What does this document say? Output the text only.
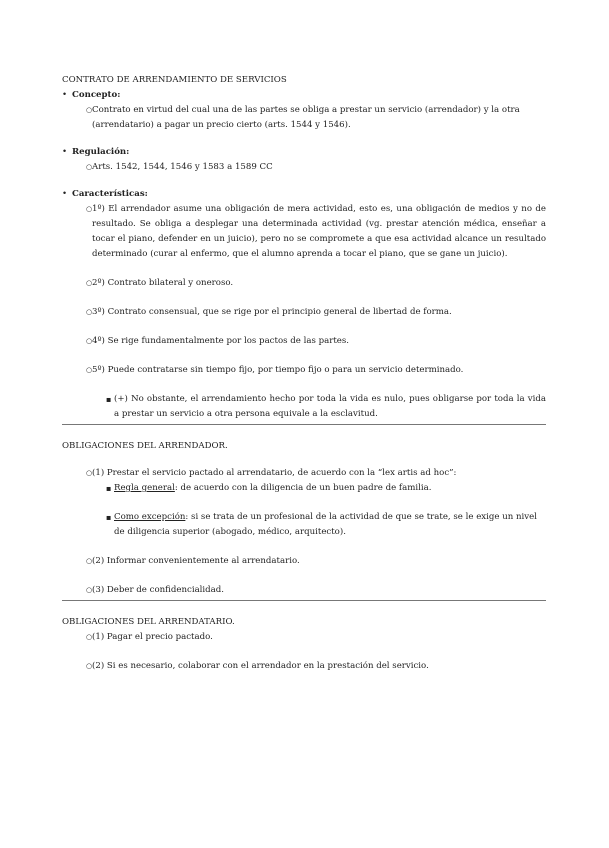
CONTRATO DE ARRENDAMIENTO DE SERVICIOS

• Concepto:
○ Contrato en virtud del cual una de las partes se obliga a prestar un servicio (arrendador) y la otra (arrendatario) a pagar un precio cierto (arts. 1544 y 1546).
• Regulación:
○ Arts. 1542, 1544, 1546 y 1583 a 1589 CC
• Características:
○ 1º) El arrendador asume una obligación de mera actividad, esto es, una obligación de medios y no de resultado. Se obliga a desplegar una determinada actividad (vg. prestar atención médica, enseñar a tocar el piano, defender en un juicio), pero no se compromete a que esa actividad alcance un resultado determinado (curar al enfermo, que el alumno aprenda a tocar el piano, que se gane un juicio).
○ 2º) Contrato bilateral y oneroso.
○ 3º) Contrato consensual, que se rige por el principio general de libertad de forma.
○ 4º) Se rige fundamentalmente por los pactos de las partes.
○ 5º) Puede contratarse sin tiempo fijo, por tiempo fijo o para un servicio determinado.
▪ (+) No obstante, el arrendamiento hecho por toda la vida es nulo, pues obligarse por toda la vida a prestar un servicio a otra persona equivale a la esclavitud.

OBLIGACIONES DEL ARRENDADOR.

○ (1) Prestar el servicio pactado al arrendatario, de acuerdo con la “lex artis ad hoc”:
▪ Regla general: de acuerdo con la diligencia de un buen padre de familia.
▪ Como excepción: si se trata de un profesional de la actividad de que se trate, se le exige un nivel de diligencia superior (abogado, médico, arquitecto).
○ (2) Informar convenientemente al arrendatario.
○ (3) Deber de confidencialidad.

OBLIGACIONES DEL ARRENDATARIO.

○ (1) Pagar el precio pactado.
○ (2) Si es necesario, colaborar con el arrendador en la prestación del servicio.
